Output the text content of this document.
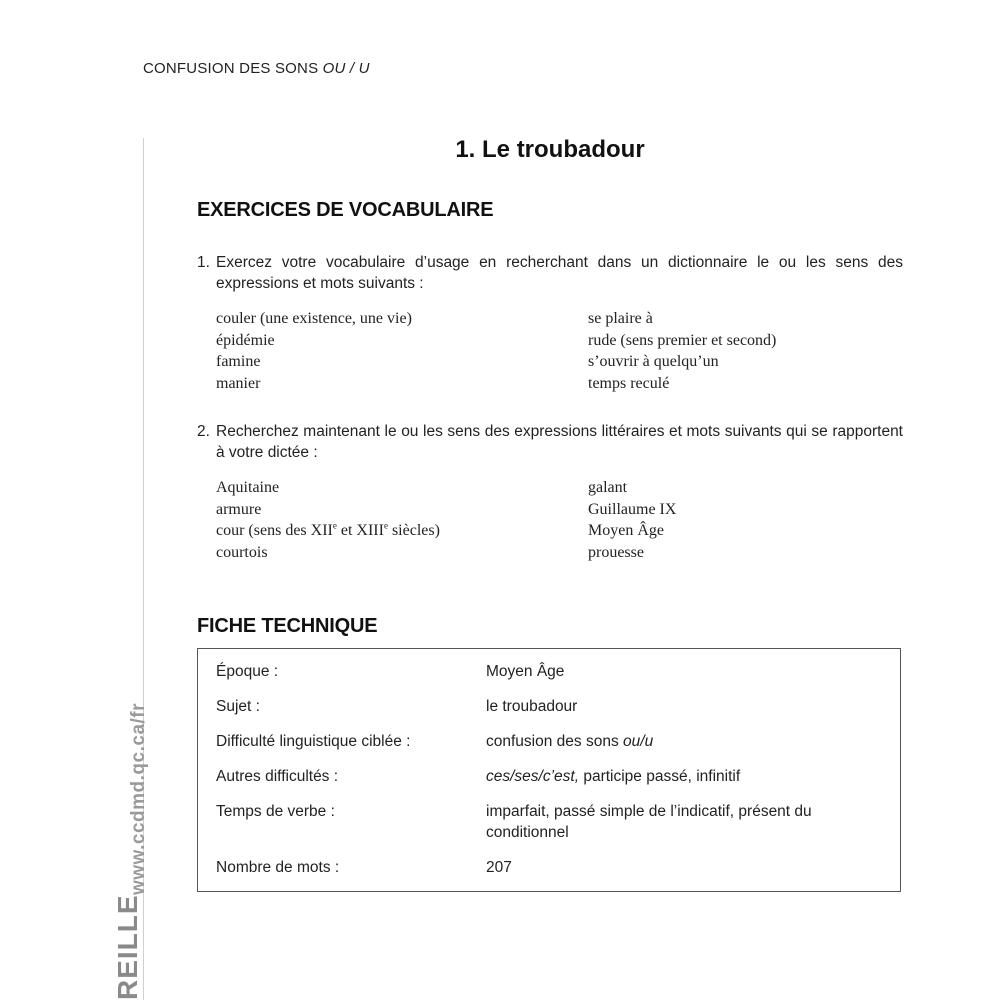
CONFUSION DES SONS OU / U
www.ccdmd.qc.ca/fr
REILLE
1. Le troubadour
EXERCICES DE VOCABULAIRE
1. Exercez votre vocabulaire d’usage en recherchant dans un dictionnaire le ou les sens des expressions et mots suivants :
couler (une existence, une vie)	se plaire à
épidémie	rude (sens premier et second)
famine	s’ouvrir à quelqu’un
manier	temps reculé
2. Recherchez maintenant le ou les sens des expressions littéraires et mots suivants qui se rapportent à votre dictée :
Aquitaine	galant
armure	Guillaume IX
cour (sens des XIIe et XIIIe siècles)	Moyen Âge
courtois	prouesse
FICHE TECHNIQUE
Époque :	Moyen Âge
Sujet :	le troubadour
Difficulté linguistique ciblée :	confusion des sons ou/u
Autres difficultés :	ces/ses/c’est, participe passé, infinitif
Temps de verbe :	imparfait, passé simple de l’indicatif, présent du conditionnel
Nombre de mots :	207
